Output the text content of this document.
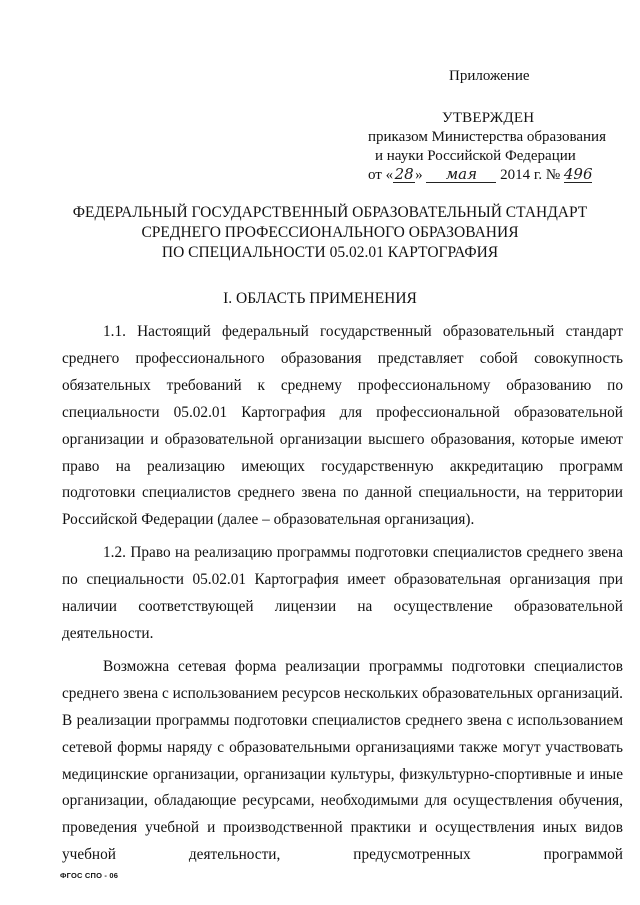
Приложение
УТВЕРЖДЕН
приказом Министерства образования
и науки Российской Федерации
от «28» мая 2014 г. № 496
ФЕДЕРАЛЬНЫЙ ГОСУДАРСТВЕННЫЙ ОБРАЗОВАТЕЛЬНЫЙ СТАНДАРТ
СРЕДНЕГО ПРОФЕССИОНАЛЬНОГО ОБРАЗОВАНИЯ
ПО СПЕЦИАЛЬНОСТИ 05.02.01 КАРТОГРАФИЯ
I. ОБЛАСТЬ ПРИМЕНЕНИЯ

1.1. Настоящий федеральный государственный образовательный стандарт среднего профессионального образования представляет собой совокупность обязательных требований к среднему профессиональному образованию по специальности 05.02.01 Картография для профессиональной образовательной организации и образовательной организации высшего образования, которые имеют право на реализацию имеющих государственную аккредитацию программ подготовки специалистов среднего звена по данной специальности, на территории Российской Федерации (далее – образовательная организация).

1.2. Право на реализацию программы подготовки специалистов среднего звена по специальности 05.02.01 Картография имеет образовательная организация при наличии соответствующей лицензии на осуществление образовательной деятельности.

Возможна сетевая форма реализации программы подготовки специалистов среднего звена с использованием ресурсов нескольких образовательных организаций. В реализации программы подготовки специалистов среднего звена с использованием сетевой формы наряду с образовательными организациями также могут участвовать медицинские организации, организации культуры, физкультурно-спортивные и иные организации, обладающие ресурсами, необходимыми для осуществления обучения, проведения учебной и производственной практики и осуществления иных видов учебной деятельности, предусмотренных программой

ФГОС СПО - 06
